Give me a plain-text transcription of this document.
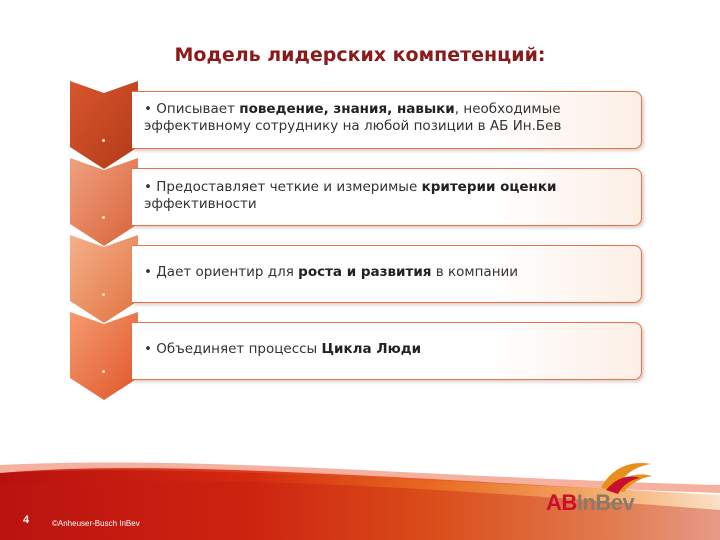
Модель лидерских компетенций:
• Описывает поведение, знания, навыки, необходимые эффективному сотруднику на любой позиции в АБ Ин.Бев
• Предоставляет четкие и измеримые критерии оценки эффективности
• Дает ориентир для роста и развития в компании
• Объединяет процессы Цикла Люди
ABInBev
4	©Anheuser-Busch InBev
